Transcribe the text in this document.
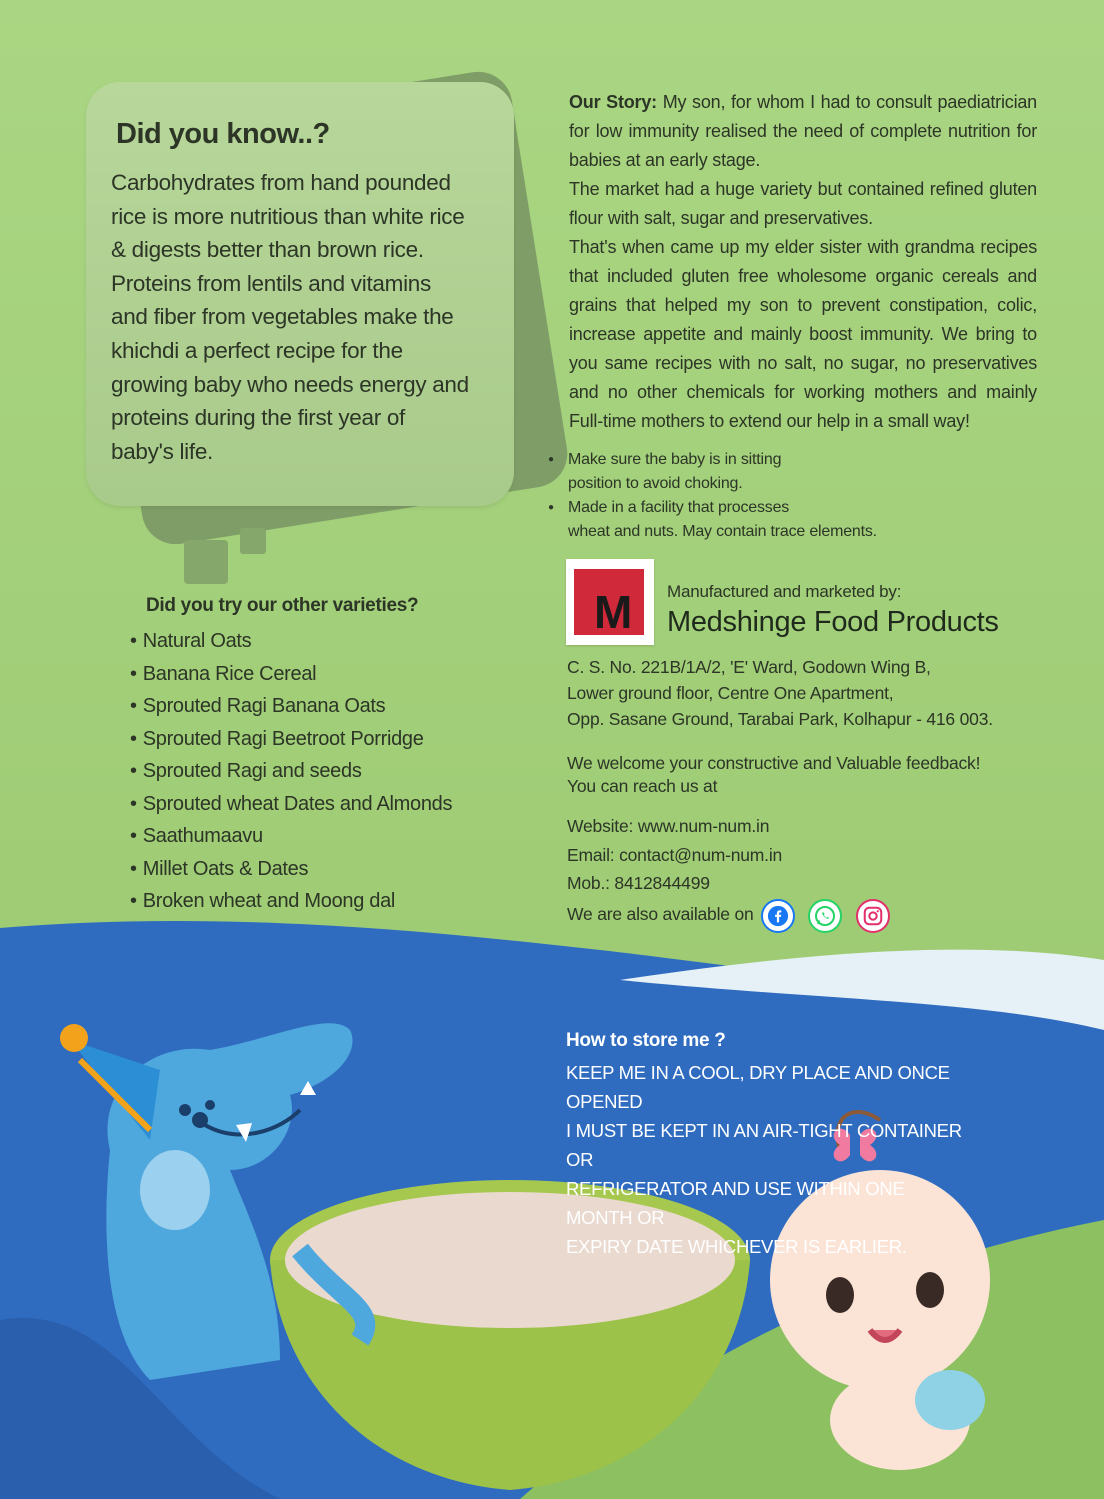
Did you know..?
Carbohydrates from hand pounded
rice is more nutritious than white rice
& digests better than brown rice.
Proteins from lentils and vitamins
and fiber from vegetables make the
khichdi a perfect recipe for the
growing baby who needs energy and
proteins during the first year of
baby's life.
Did you try our other varieties?
• Natural Oats
• Banana Rice Cereal
• Sprouted Ragi Banana Oats
• Sprouted Ragi Beetroot Porridge
• Sprouted Ragi and seeds
• Sprouted wheat Dates and Almonds
• Saathumaavu
• Millet Oats & Dates
• Broken wheat and Moong dal

Our Story: My son, for whom I had to consult paediatrician for low immunity realised the need of complete nutrition for babies at an early stage.

The market had a huge variety but contained refined gluten flour with salt, sugar and preservatives.

That's when came up my elder sister with grandma recipes that included gluten free wholesome organic cereals and grains that helped my son to prevent constipation, colic, increase appetite and mainly boost immunity. We bring to you same recipes with no salt, no sugar, no preservatives and no other chemicals for working mothers and mainly Full-time mothers to extend our help in a small way!

● Make sure the baby is in sitting
position to avoid choking.
● Made in a facility that processes
wheat and nuts. May contain trace elements.
M
MEDSHINGE	Manufactured and marketed by:
Medshinge Food Products
C. S. No. 221B/1A/2, 'E' Ward, Godown Wing B,
Lower ground floor, Centre One Apartment,
Opp. Sasane Ground, Tarabai Park, Kolhapur - 416 003.
We welcome your constructive and Valuable feedback!
You can reach us at
Website: www.num-num.in
Email: contact@num-num.in
Mob.: 8412844499
We are also available on
How to store me ?
KEEP ME IN A COOL, DRY PLACE AND ONCE OPENED
I MUST BE KEPT IN AN AIR-TIGHT CONTAINER OR
REFRIGERATOR AND USE WITHIN ONE MONTH OR
EXPIRY DATE WHICHEVER IS EARLIER.
